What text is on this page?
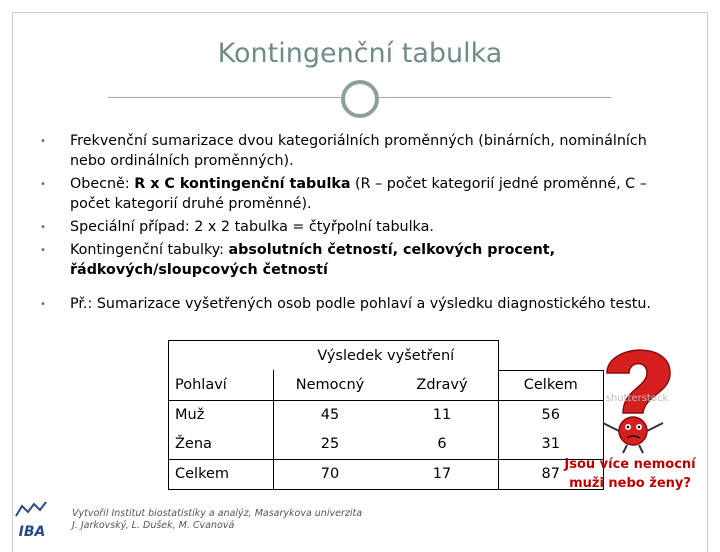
Kontingenční tabulka
• Frekvenční sumarizace dvou kategoriálních proměnných (binárních, nominálních nebo ordinálních proměnných).
• Obecně: R x C kontingenční tabulka (R – počet kategorií jedné proměnné, C – počet kategorií druhé proměnné).
• Speciální případ: 2 x 2 tabulka = čtyřpolní tabulka.
• Kontingenční tabulky: absolutních četností, celkových procent, řádkových/sloupcových četností
• Př.: Sumarizace vyšetřených osob podle pohlaví a výsledku diagnostického testu.
	Výsledek vyšetření		
Pohlaví	Nemocný	Zdravý	Celkem
Muž	45	11	56
Žena	25	6	31
Celkem	70	17	87
shutterstock
Jsou více nemocní muži nebo ženy?
IBA
Vytvořil Institut biostatistiky a analýz, Masarykova univerzita
J. Jarkovský, L. Dušek, M. Cvanová
